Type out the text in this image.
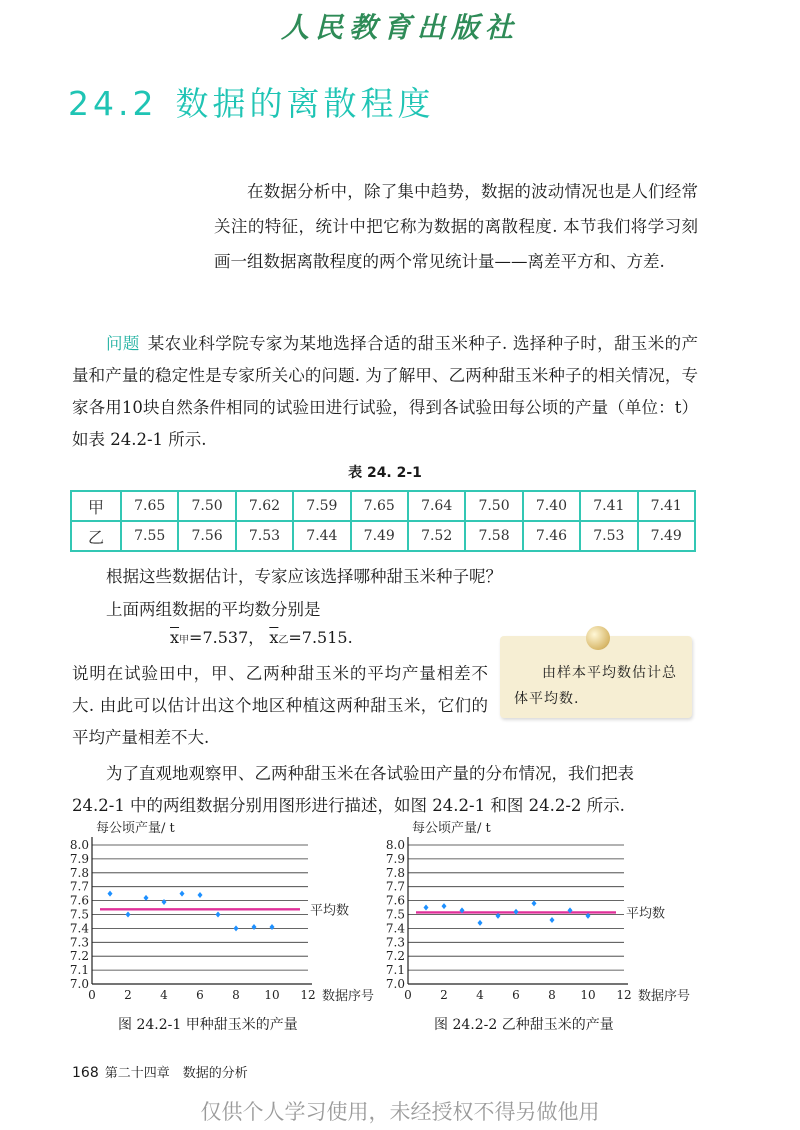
人民教育出版社
24.2 数据的离散程度
在数据分析中，除了集中趋势，数据的波动情况也是人们经常关注的特征，统计中把它称为数据的离散程度. 本节我们将学习刻画一组数据离散程度的两个常见统计量——离差平方和、方差.
问题 某农业科学院专家为某地选择合适的甜玉米种子. 选择种子时，甜玉米的产量和产量的稳定性是专家所关心的问题. 为了解甲、乙两种甜玉米种子的相关情况，专家各用10块自然条件相同的试验田进行试验，得到各试验田每公顷的产量（单位：t）如表 24.2-1 所示.
表 24. 2-1
甲	7.65	7.50	7.62	7.59	7.65	7.64	7.50	7.40	7.41	7.41
乙	7.55	7.56	7.53	7.44	7.49	7.52	7.58	7.46	7.53	7.49
根据这些数据估计，专家应该选择哪种甜玉米种子呢？
上面两组数据的平均数分别是
$\overline{x}$甲=7.537， $\overline{x}$乙=7.515.
说明在试验田中，甲、乙两种甜玉米的平均产量相差不大. 由此可以估计出这个地区种植这两种甜玉米，它们的平均产量相差不大.
由样本平均数估计总体平均数.
为了直观地观察甲、乙两种甜玉米在各试验田产量的分布情况，我们把表
24.2-1 中的两组数据分别用图形进行描述，如图 24.2-1 和图 24.2-2 所示.
每公顷产量/ t
7.0
7.1
7.2
7.3
7.4
7.5
7.6
7.7
7.8
7.9
8.0
0 2 4 6 8 10 12 数据序号
平均数
每公顷产量/ t
7.0
7.1
7.2
7.3
7.4
7.5
7.6
7.7
7.8
7.9
8.0
0 2 4 6 8 10 12 数据序号
平均数
图 24.2-1 甲种甜玉米的产量	图 24.2-2 乙种甜玉米的产量
168 第二十四章　数据的分析
仅供个人学习使用，未经授权不得另做他用
